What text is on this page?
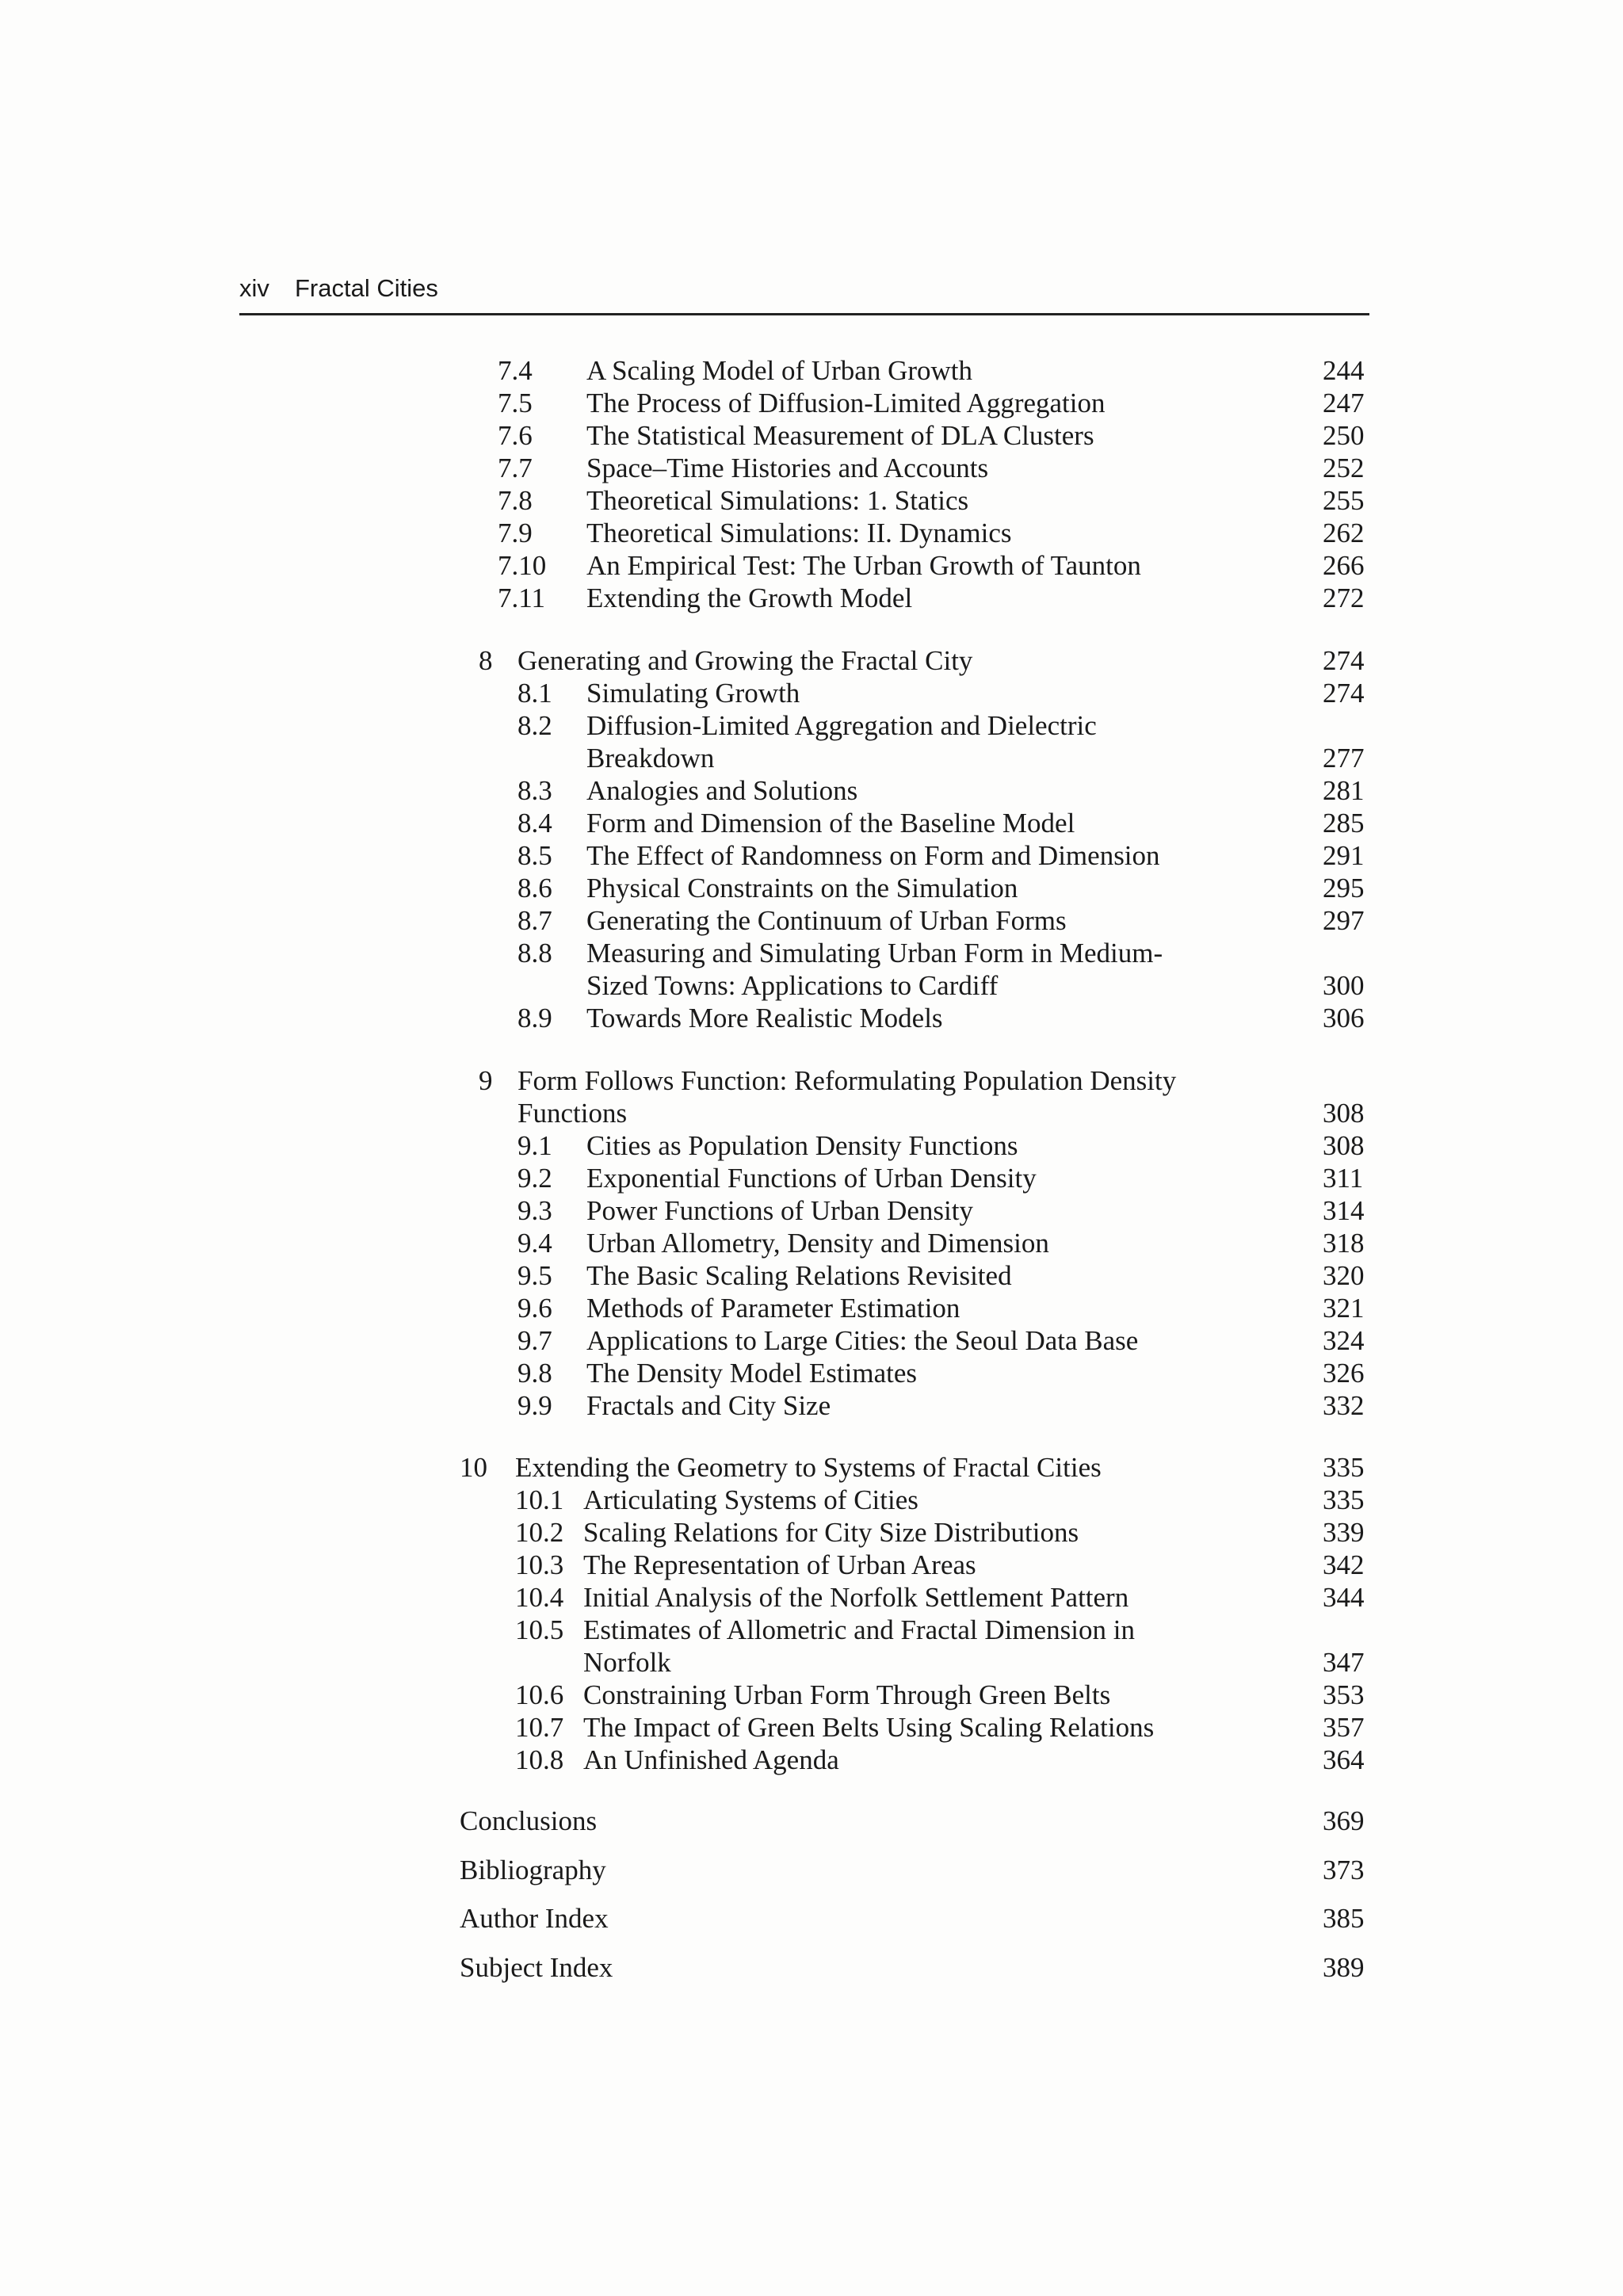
xiv Fractal Cities
7.4 A Scaling Model of Urban Growth	244
7.5 The Process of Diffusion-Limited Aggregation	247
7.6 The Statistical Measurement of DLA Clusters	250
7.7 Space–Time Histories and Accounts	252
7.8 Theoretical Simulations: 1. Statics	255
7.9 Theoretical Simulations: II. Dynamics	262
7.10 An Empirical Test: The Urban Growth of Taunton	266
7.11 Extending the Growth Model	272
8 Generating and Growing the Fractal City	274
8.1 Simulating Growth	274
8.2 Diffusion-Limited Aggregation and Dielectric
Breakdown	277
8.3 Analogies and Solutions	281
8.4 Form and Dimension of the Baseline Model	285
8.5 The Effect of Randomness on Form and Dimension	291
8.6 Physical Constraints on the Simulation	295
8.7 Generating the Continuum of Urban Forms	297
8.8 Measuring and Simulating Urban Form in Medium-
Sized Towns: Applications to Cardiff	300
8.9 Towards More Realistic Models	306
9 Form Follows Function: Reformulating Population Density
Functions	308
9.1 Cities as Population Density Functions	308
9.2 Exponential Functions of Urban Density	311
9.3 Power Functions of Urban Density	314
9.4 Urban Allometry, Density and Dimension	318
9.5 The Basic Scaling Relations Revisited	320
9.6 Methods of Parameter Estimation	321
9.7 Applications to Large Cities: the Seoul Data Base	324
9.8 The Density Model Estimates	326
9.9 Fractals and City Size	332
10 Extending the Geometry to Systems of Fractal Cities	335
10.1 Articulating Systems of Cities	335
10.2 Scaling Relations for City Size Distributions	339
10.3 The Representation of Urban Areas	342
10.4 Initial Analysis of the Norfolk Settlement Pattern	344
10.5 Estimates of Allometric and Fractal Dimension in
Norfolk	347
10.6 Constraining Urban Form Through Green Belts	353
10.7 The Impact of Green Belts Using Scaling Relations	357
10.8 An Unfinished Agenda	364
Conclusions	369
Bibliography	373
Author Index	385
Subject Index	389
